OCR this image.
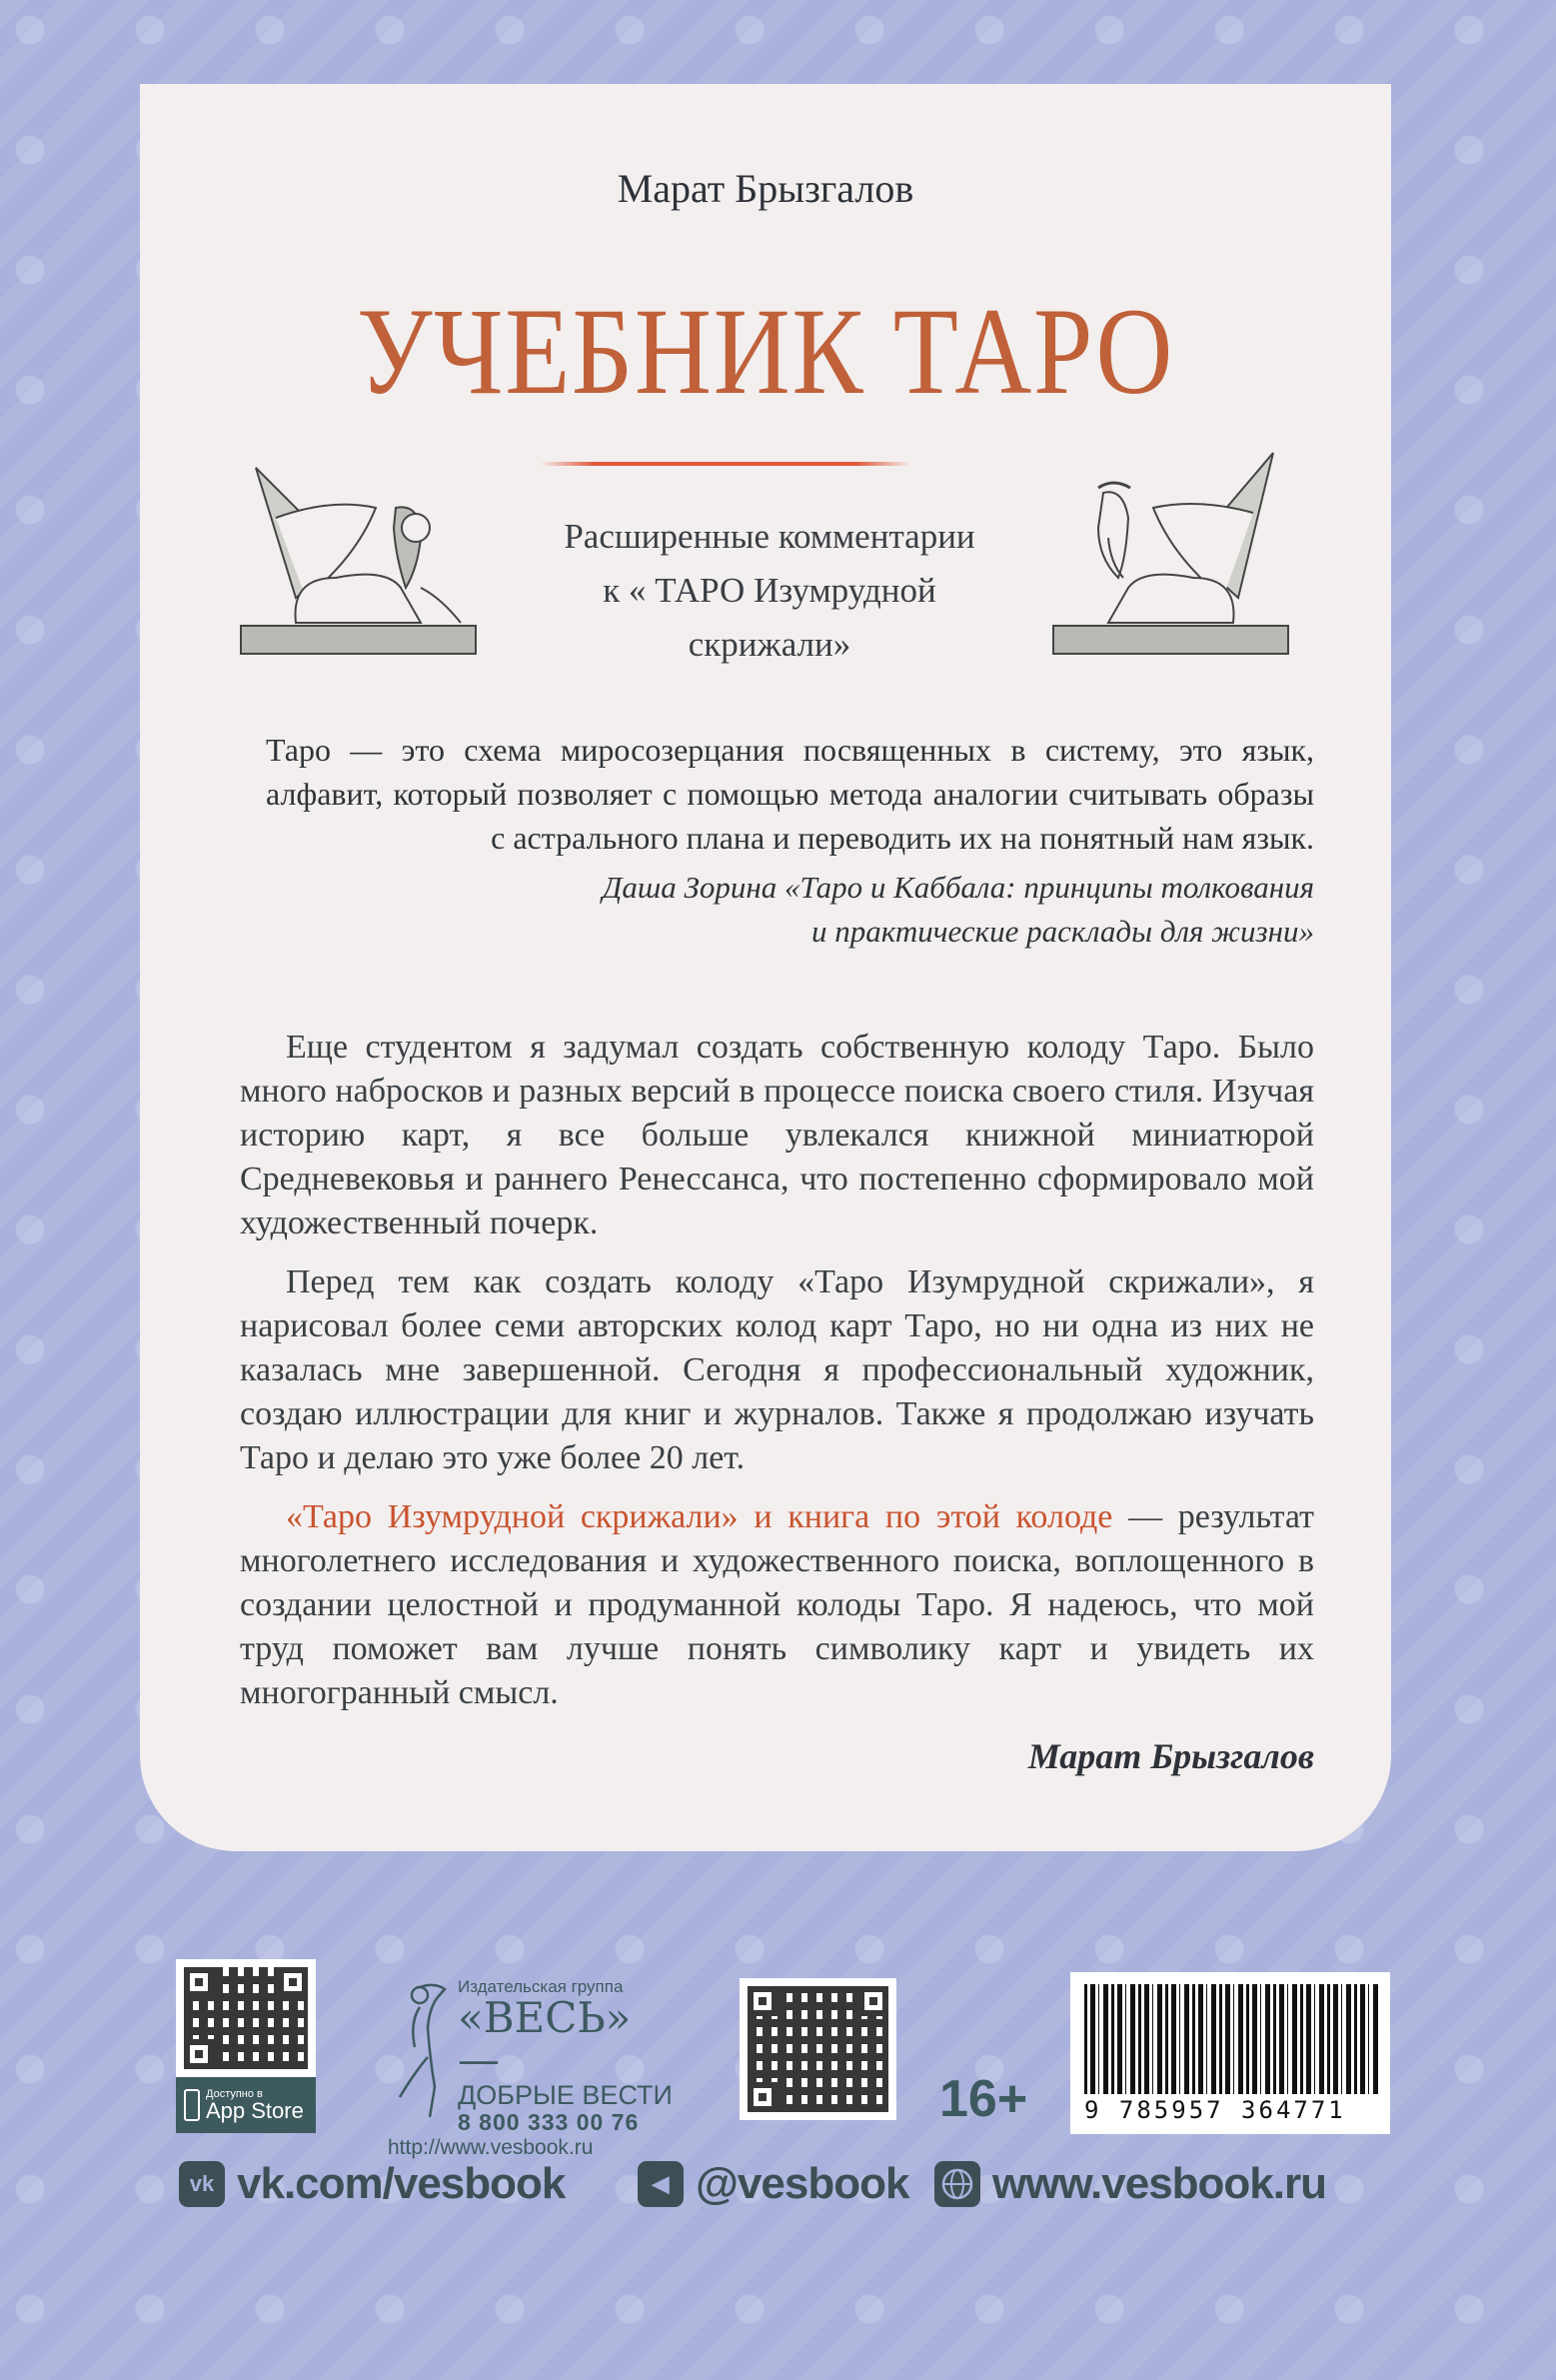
Марат Брызгалов
УЧЕБНИК ТАРО
Расширенные комментарии
к « ТАРО Изумрудной
скрижали»
Таро — это схема миросозерцания посвященных в систему, это язык, алфавит, который позволяет с помощью метода аналогии считывать образы с астрального плана и переводить их на понятный нам язык.
Даша Зорина «Таро и Каббала: принципы толкования
и практические расклады для жизни»

Еще студентом я задумал создать собственную колоду Таро. Было много набросков и разных версий в процессе поиска своего стиля. Изучая историю карт, я все больше увлекался книжной миниатюрой Средневековья и раннего Ренессанса, что постепенно сформировало мой художественный почерк.

Перед тем как создать колоду «Таро Изумрудной скрижали», я нарисовал более семи авторских колод карт Таро, но ни одна из них не казалась мне завершенной. Сегодня я профессиональный художник, создаю иллюстрации для книг и журналов. Также я продолжаю изучать Таро и делаю это уже более 20 лет.

«Таро Изумрудной скрижали» и книга по этой колоде — результат многолетнего исследования и художественного поиска, воплощенного в создании целостной и продуманной колоды Таро. Я надеюсь, что мой труд поможет вам лучше понять символику карт и увидеть их многогранный смысл.

Марат Брызгалов
Доступно в
App Store
Издательская группа
«ВЕСЬ» —
ДОБРЫЕ ВЕСТИ
8 800 333 00 76
http://www.vesbook.ru
16+ 9 785957 364771
vk vk.com/vesbook	◀ @vesbook www.vesbook.ru
